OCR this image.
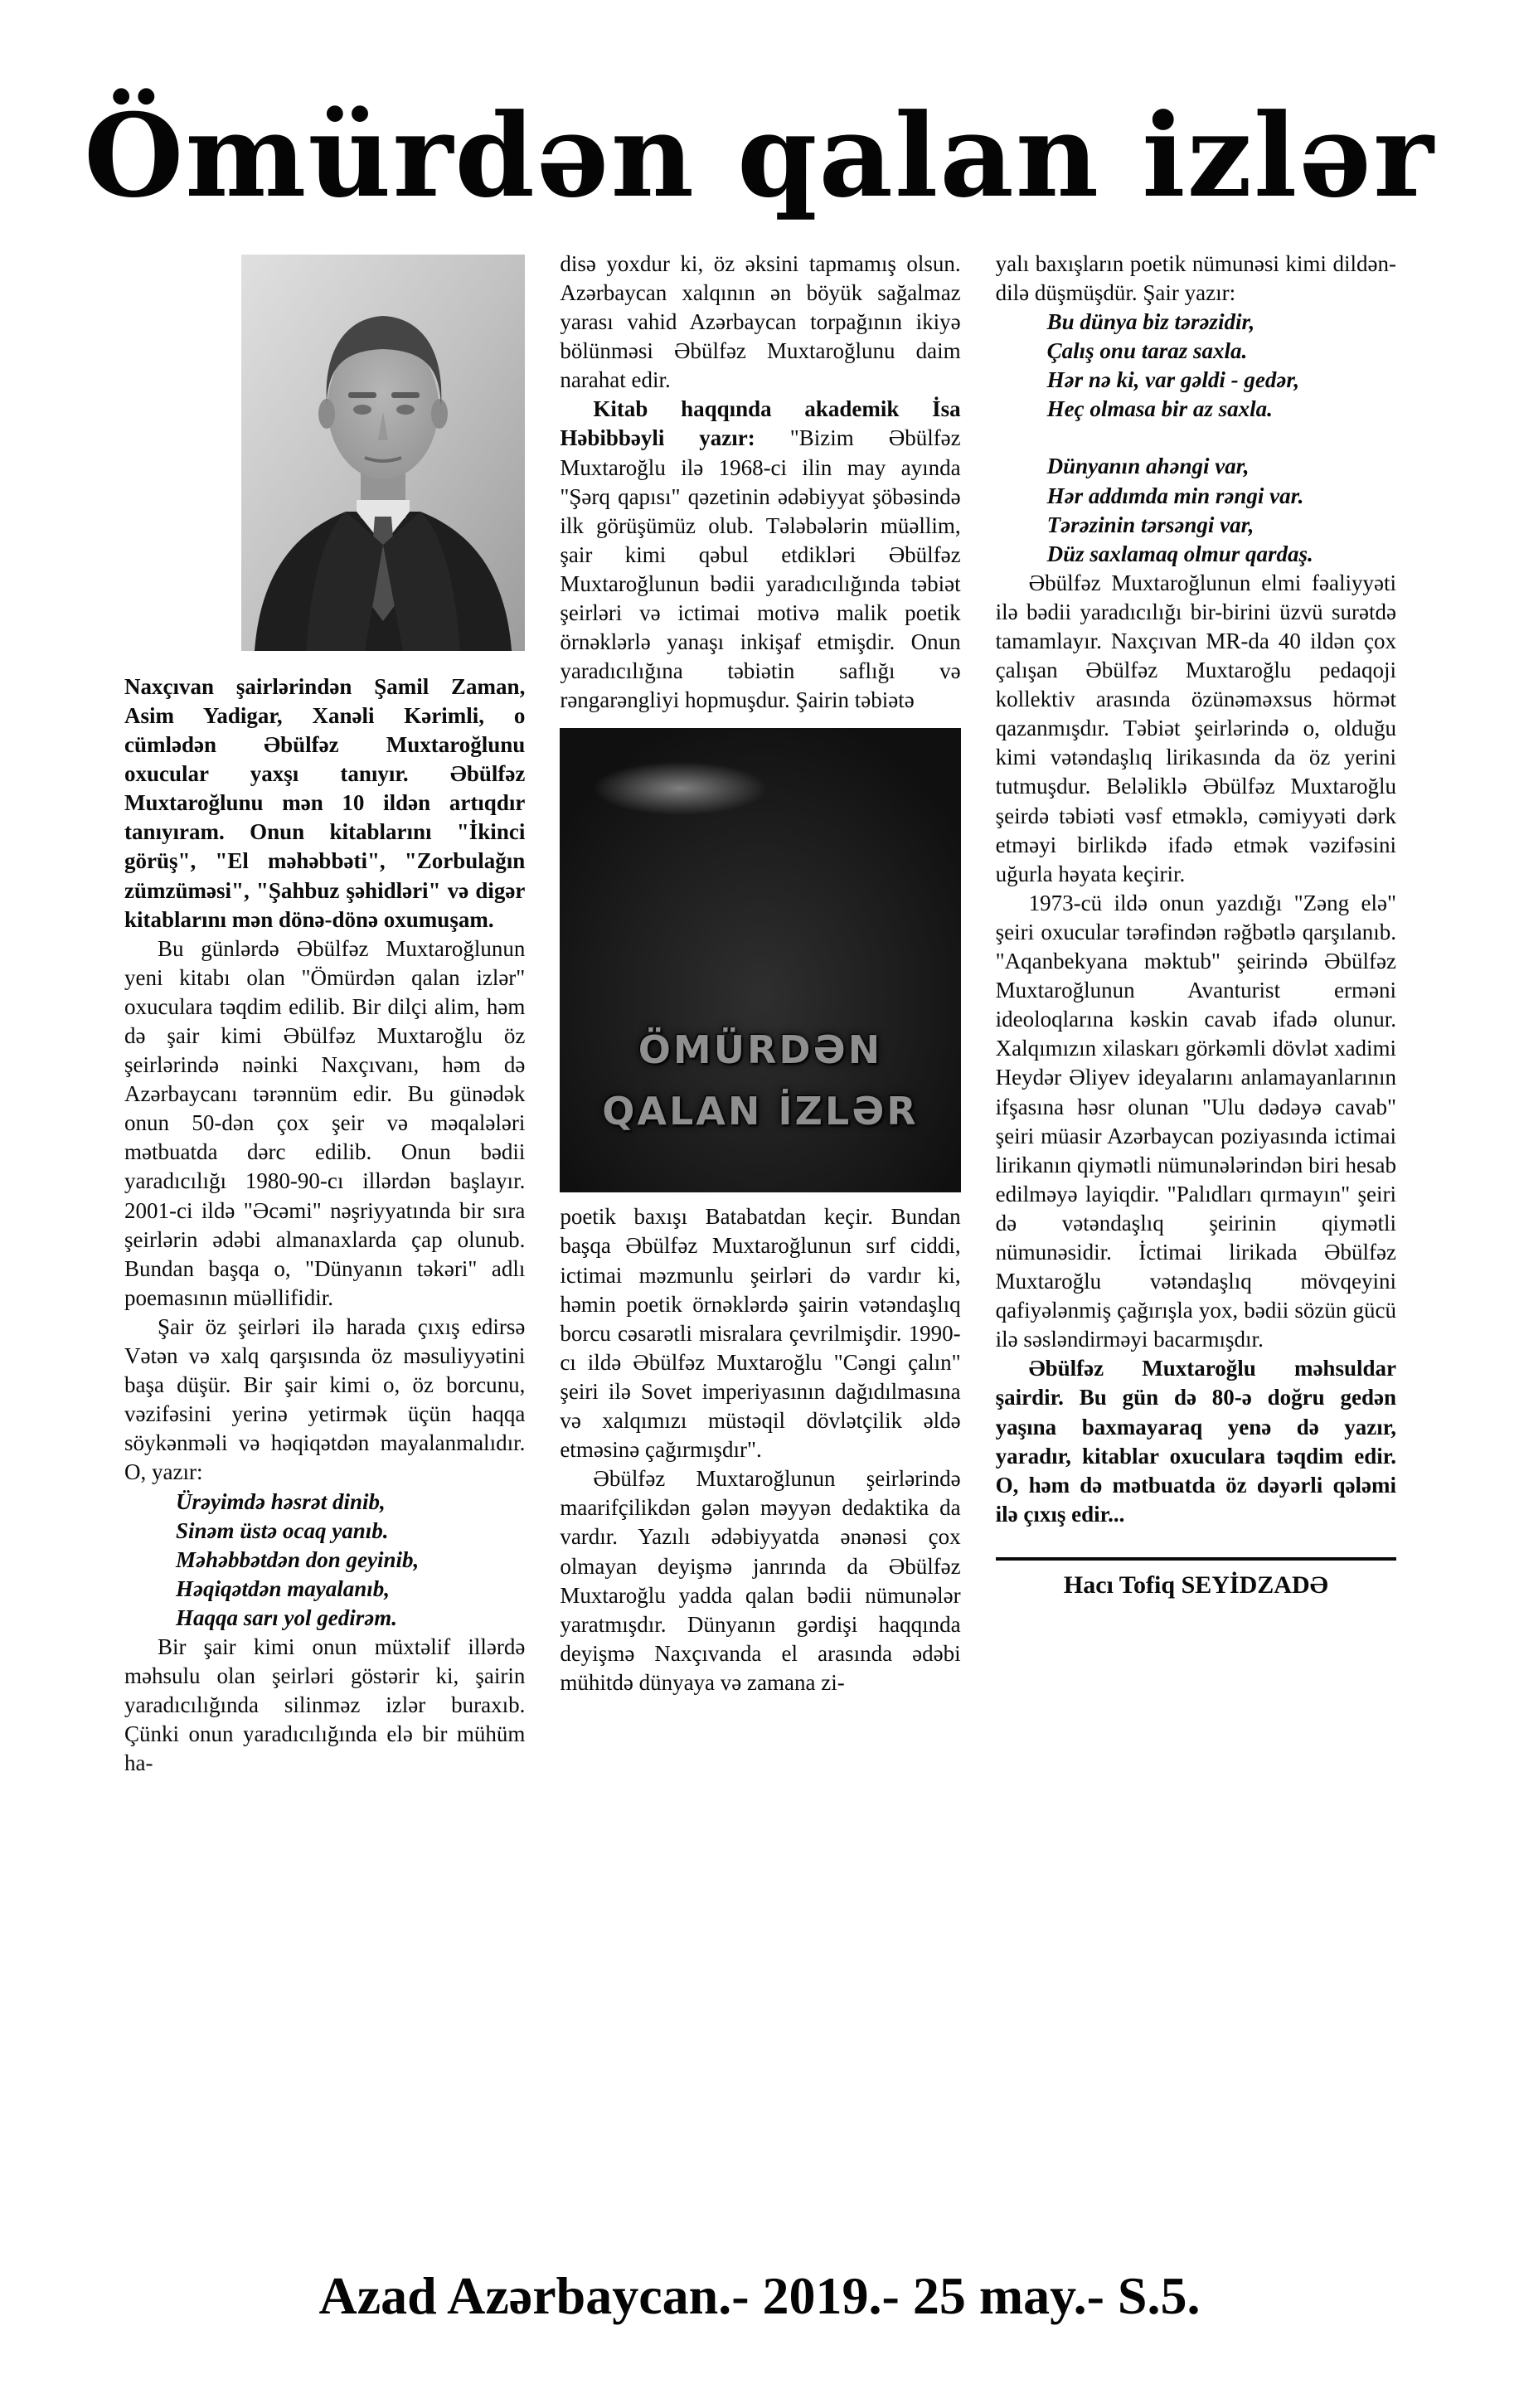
Ömürdən qalan izlər

Naxçıvan şairlərindən Şamil Zaman, Asim Yadigar, Xanəli Kərimli, o cümlədən Əbülfəz Muxtaroğlunu oxucular yaxşı tanıyır. Əbülfəz Muxtaroğlunu mən 10 ildən artıqdır tanıyıram. Onun kitablarını "İkinci görüş", "El məhəbbəti", "Zorbulağın zümzüməsi", "Şahbuz şəhidləri" və digər kitablarını mən dönə-dönə oxumuşam.

Bu günlərdə Əbülfəz Muxtaroğlunun yeni kitabı olan "Ömürdən qalan izlər" oxuculara təqdim edilib. Bir dilçi alim, həm də şair kimi Əbülfəz Muxtaroğlu öz şeirlərində nəinki Naxçıvanı, həm də Azərbaycanı tərənnüm edir. Bu günədək onun 50-dən çox şeir və məqalələri mətbuatda dərc edilib. Onun bədii yaradıcılığı 1980-90-cı illərdən başlayır. 2001-ci ildə "Əcəmi" nəşriyyatında bir sıra şeirlərin ədəbi almanaxlarda çap olunub. Bundan başqa o, "Dünyanın təkəri" adlı poemasının müəllifidir.

Şair öz şeirləri ilə harada çıxış edirsə Vətən və xalq qarşısında öz məsuliyyətini başa düşür. Bir şair kimi o, öz borcunu, vəzifəsini yerinə yetirmək üçün haqqa söykənməli və həqiqətdən mayalanmalıdır. O, yazır:

Ürəyimdə həsrət dinib,
Sinəm üstə ocaq yanıb.
Məhəbbətdən don geyinib,
Həqiqətdən mayalanıb,
Haqqa sarı yol gedirəm.

Bir şair kimi onun müxtəlif illərdə məhsulu olan şeirləri göstərir ki, şairin yaradıcılığında silinməz izlər buraxıb. Çünki onun yaradıcılığında elə bir mühüm ha-

disə yoxdur ki, öz əksini tapmamış olsun. Azərbaycan xalqının ən böyük sağalmaz yarası vahid Azərbaycan torpağının ikiyə bölünməsi Əbülfəz Muxtaroğlunu daim narahat edir.

Kitab haqqında akademik İsa Həbibbəyli yazır: "Bizim Əbülfəz Muxtaroğlu ilə 1968-ci ilin may ayında "Şərq qapısı" qəzetinin ədəbiyyat şöbəsində ilk görüşümüz olub. Tələbələrin müəllim, şair kimi qəbul etdikləri Əbülfəz Muxtaroğlunun bədii yaradıcılığında təbiət şeirləri və ictimai motivə malik poetik örnəklərlə yanaşı inkişaf etmişdir. Onun yaradıcılığına təbiətin saflığı və rəngarəngliyi hopmuşdur. Şairin təbiətə

ÖMÜRDƏN
QALAN İZLƏR

poetik baxışı Batabatdan keçir. Bundan başqa Əbülfəz Muxtaroğlunun sırf ciddi, ictimai məzmunlu şeirləri də vardır ki, həmin poetik örnəklərdə şairin vətəndaşlıq borcu cəsarətli misralara çevrilmişdir. 1990-cı ildə Əbülfəz Muxtaroğlu "Cəngi çalın" şeiri ilə Sovet imperiyasının dağıdılmasına və xalqımızı müstəqil dövlətçilik əldə etməsinə çağırmışdır".

Əbülfəz Muxtaroğlunun şeirlərində maarifçilikdən gələn məyyən dedaktika da vardır. Yazılı ədəbiyyatda ənənəsi çox olmayan deyişmə janrında da Əbülfəz Muxtaroğlu yadda qalan bədii nümunələr yaratmışdır. Dünyanın gərdişi haqqında deyişmə Naxçıvanda el arasında ədəbi mühitdə dünyaya və zamana zi-

yalı baxışların poetik nümunəsi kimi dildən-dilə düşmüşdür. Şair yazır:

Bu dünya biz tərəzidir,
Çalış onu taraz saxla.
Hər nə ki, var gəldi - gedər,
Heç olmasa bir az saxla.
Dünyanın ahəngi var,
Hər addımda min rəngi var.
Tərəzinin tərsəngi var,
Düz saxlamaq olmur qardaş.

Əbülfəz Muxtaroğlunun elmi fəaliyyəti ilə bədii yaradıcılığı bir-birini üzvü surətdə tamamlayır. Naxçıvan MR-da 40 ildən çox çalışan Əbülfəz Muxtaroğlu pedaqoji kollektiv arasında özünəməxsus hörmət qazanmışdır. Təbiət şeirlərində o, olduğu kimi vətəndaşlıq lirikasında da öz yerini tutmuşdur. Beləliklə Əbülfəz Muxtaroğlu şeirdə təbiəti vəsf etməklə, cəmiyyəti dərk etməyi birlikdə ifadə etmək vəzifəsini uğurla həyata keçirir.

1973-cü ildə onun yazdığı "Zəng elə" şeiri oxucular tərəfindən rəğbətlə qarşılanıb. "Aqanbekyana məktub" şeirində Əbülfəz Muxtaroğlunun Avanturist erməni ideoloqlarına kəskin cavab ifadə olunur. Xalqımızın xilaskarı görkəmli dövlət xadimi Heydər Əliyev ideyalarını anlamayanlarının ifşasına həsr olunan "Ulu dədəyə cavab" şeiri müasir Azərbaycan poziyasında ictimai lirikanın qiymətli nümunələrindən biri hesab edilməyə layiqdir. "Palıdları qırmayın" şeiri də vətəndaşlıq şeirinin qiymətli nümunəsidir. İctimai lirikada Əbülfəz Muxtaroğlu vətəndaşlıq mövqeyini qafiyələnmiş çağırışla yox, bədii sözün gücü ilə səsləndirməyi bacarmışdır.

Əbülfəz Muxtaroğlu məhsuldar şairdir. Bu gün də 80-ə doğru gedən yaşına baxmayaraq yenə də yazır, yaradır, kitablar oxuculara təqdim edir. O, həm də mətbuatda öz dəyərli qələmi ilə çıxış edir...

Hacı Tofiq SEYİDZADƏ
Azad Azərbaycan.- 2019.- 25 may.- S.5.
